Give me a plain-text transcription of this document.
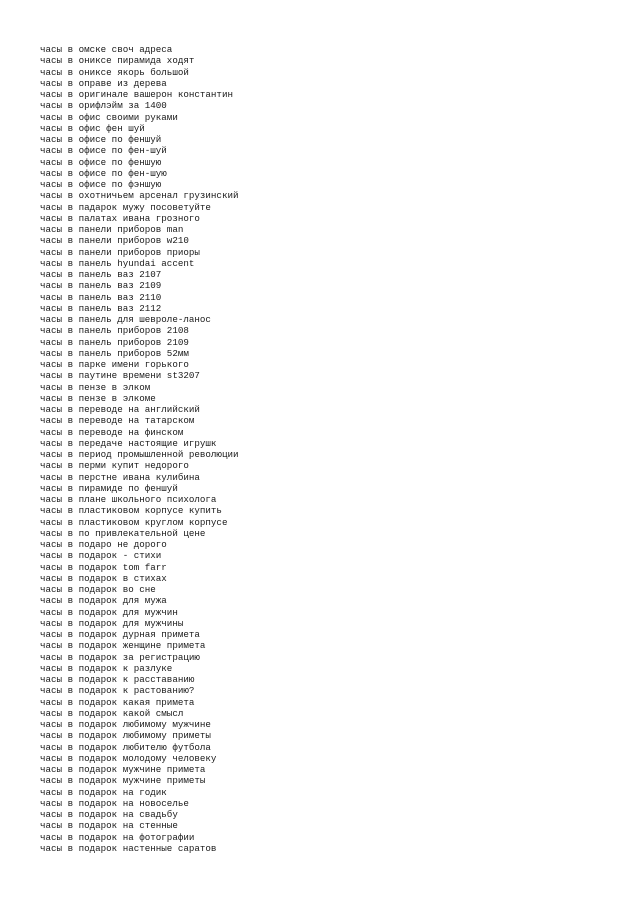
часы в омске своч адреса
часы в ониксе пирамида ходят
часы в ониксе якорь большой
часы в оправе из дерева
часы в оригинале вашерон константин
часы в орифлэйм за 1400
часы в офис своими руками
часы в офис фен шуй
часы в офисе по феншуй
часы в офисе по фен-шуй
часы в офисе по феншую
часы в офисе по фен-шую
часы в офисе по фэншую
часы в охотничьем арсенал грузинский
часы в падарок мужу посоветуйте
часы в палатах ивана грозного
часы в панели приборов man
часы в панели приборов w210
часы в панели приборов приоры
часы в панель hyundai accent
часы в панель ваз 2107
часы в панель ваз 2109
часы в панель ваз 2110
часы в панель ваз 2112
часы в панель для шевроле-ланос
часы в панель приборов 2108
часы в панель приборов 2109
часы в панель приборов 52мм
часы в парке имени горького
часы в паутине времени st3207
часы в пензе в элком
часы в пензе в элкоме
часы в переводе на английский
часы в переводе на татарском
часы в переводе на финском
часы в передаче настоящие игрушк
часы в период промышленной революции
часы в перми купит недорого
часы в перстне ивана кулибина
часы в пирамиде по феншуй
часы в плане школьного психолога
часы в пластиковом корпусе купить
часы в пластиковом круглом корпусе
часы в по привлекательной цене
часы в подаро не дорого
часы в подарок - стихи
часы в подарок tom farr
часы в подарок в стихах
часы в подарок во сне
часы в подарок для мужа
часы в подарок для мужчин
часы в подарок для мужчины
часы в подарок дурная примета
часы в подарок женщине примета
часы в подарок за регистрацию
часы в подарок к разлуке
часы в подарок к расставанию
часы в подарок к растованию?
часы в подарок какая примета
часы в подарок какой смысл
часы в подарок любимому мужчине
часы в подарок любимому приметы
часы в подарок любителю футбола
часы в подарок молодому человеку
часы в подарок мужчине примета
часы в подарок мужчине приметы
часы в подарок на годик
часы в подарок на новоселье
часы в подарок на свадьбу
часы в подарок на стенные
часы в подарок на фотографии
часы в подарок настенные саратов
